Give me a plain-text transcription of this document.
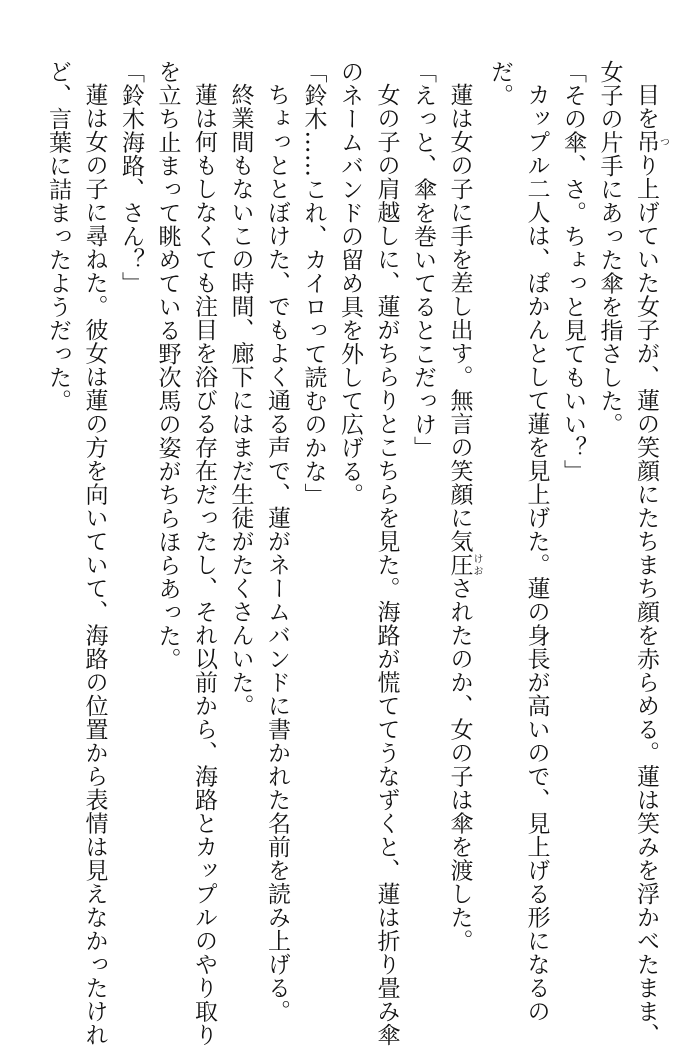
目を吊つり上げていた女子が、蓮の笑顔にたちまち顔を赤らめる。蓮は笑みを浮かべたまま、
女子の片手にあった傘を指さした。
「その傘、さ。ちょっと見てもいい？」
カップル二人は、ぽかんとして蓮を見上げた。蓮の身長が高いので、見上げる形になるの
だ。
蓮は女の子に手を差し出す。無言の笑顔に気圧けおされたのか、女の子は傘を渡した。
「えっと、傘を巻いてるとこだっけ」
女の子の肩越しに、蓮がちらりとこちらを見た。海路が慌ててうなずくと、蓮は折り畳み傘
のネームバンドの留め具を外して広げる。
「鈴木……これ、カイロって読むのかな」
ちょっととぼけた、でもよく通る声で、蓮がネームバンドに書かれた名前を読み上げる。
終業間もないこの時間、廊下にはまだ生徒がたくさんいた。
蓮は何もしなくても注目を浴びる存在だったし、それ以前から、海路とカップルのやり取り
を立ち止まって眺めている野次馬の姿がちらほらあった。
「鈴木海路、さん？」
蓮は女の子に尋ねた。彼女は蓮の方を向いていて、海路の位置から表情は見えなかったけれ
ど、言葉に詰まったようだった。
